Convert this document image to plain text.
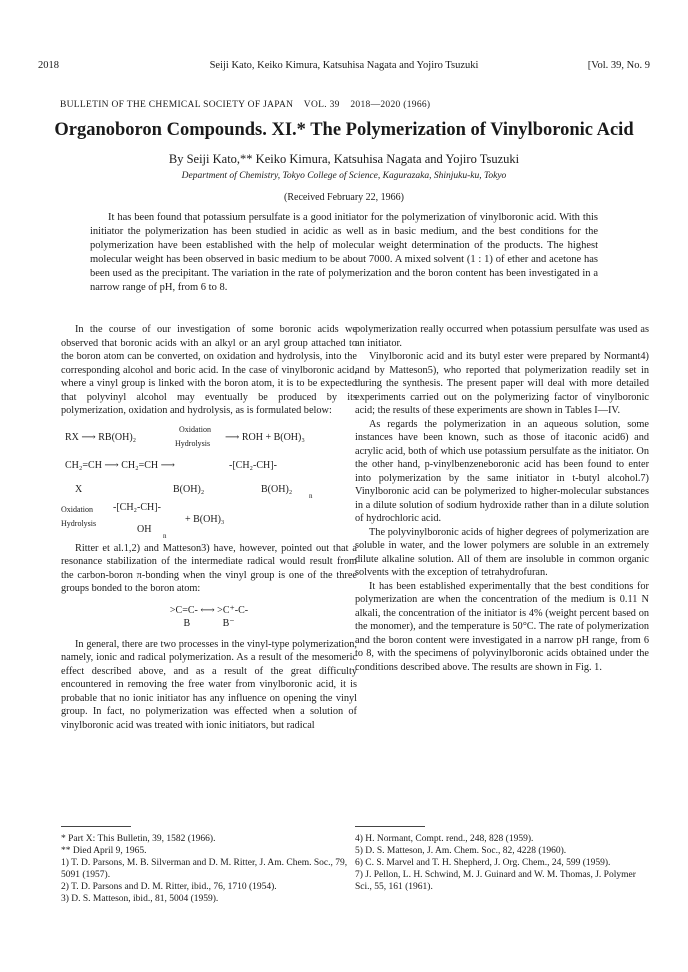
2018	Seiji Kato, Keiko Kimura, Katsuhisa Nagata and Yojiro Tsuzuki	[Vol. 39, No. 9
BULLETIN OF THE CHEMICAL SOCIETY OF JAPAN    VOL. 39    2018—2020 (1966)
Organoboron Compounds. XI.* The Polymerization of Vinylboronic Acid
By Seiji Kato,** Keiko Kimura, Katsuhisa Nagata and Yojiro Tsuzuki
Department of Chemistry, Tokyo College of Science, Kagurazaka, Shinjuku-ku, Tokyo
(Received February 22, 1966)
It has been found that potassium persulfate is a good initiator for the polymerization of vinylboronic acid. With this initiator the polymerization has been studied in acidic as well as in basic medium, and the best conditions for the polymerization have been established with the help of molecular weight determination of the products. The highest molecular weight has been observed in basic medium to be about 7000. A mixed solvent (1 : 1) of ether and acetone has been used as the precipitant. The variation in the rate of polymerization and the boron content has been investigated in a narrow range of pH, from 6 to 8.

In the course of our investigation of some boronic acids we observed that boronic acids with an alkyl or an aryl group attached to the boron atom can be converted, on oxidation and hydrolysis, into the corresponding alcohol and boric acid. In the case of vinylboronic acid, where a vinyl group is linked with the boron atom, it is to be expected that polyvinyl alcohol may eventually be produced by its polymerization, oxidation and hydrolysis, as is formulated below:

RX ⟶ RB(OH)₂
Oxidation
Hydrolysis
⟶ ROH + B(OH)₃
CH₂=CH ⟶ CH₂=CH ⟶	-[CH₂-CH]-
X	B(OH)₂	B(OH)₂
n
Oxidation
Hydrolysis
-[CH₂-CH]-
OH
n
+ B(OH)₃

Ritter et al.1,2) and Matteson3) have, however, pointed out that a resonance stabilization of the intermediate radical would result from the carbon-boron π-bonding when the vinyl group is one of the three groups bonded to the boron atom:

>C=C- ⟷ >C⁺-C-
B             B⁻

In general, there are two processes in the vinyl-type polymerization, namely, ionic and radical polymerization. As a result of the mesomeric effect described above, and as a result of the great difficulty encountered in removing the free water from vinylboronic acid, it is probable that no ionic initiator has any influence on opening the vinyl group. In fact, no polymerization was effected when a solution of vinylboronic acid was treated with ionic initiators, but radical

polymerization really occurred when potassium persulfate was used as an initiator.

Vinylboronic acid and its butyl ester were prepared by Normant4) and by Matteson5), who reported that polymerization readily set in during the synthesis. The present paper will deal with more detailed experiments carried out on the polymerizing factor of vinylboronic acid; the results of these experiments are shown in Tables I—IV.

As regards the polymerization in an aqueous solution, some instances have been known, such as those of itaconic acid6) and acrylic acid, both of which use potassium persulfate as the initiator. On the other hand, p-vinylbenzeneboronic acid has been found to enter into polymerization by the same initiator in t-butyl alcohol.7) Vinylboronic acid can be polymerized to higher-molecular substances in a dilute solution of sodium hydroxide rather than in a dilute solution of hydrochloric acid.

The polyvinylboronic acids of higher degrees of polymerization are soluble in water, and the lower polymers are soluble in an extremely dilute alkaline solution. All of them are insoluble in common organic solvents with the exception of tetrahydrofuran.

It has been established experimentally that the best conditions for polymerization are when the concentration of the medium is 0.11 N alkali, the concentration of the initiator is 4% (weight percent based on the monomer), and the temperature is 50°C. The rate of polymerization and the boron content were investigated in a narrow pH range, from 6 to 8, with the specimens of polyvinylboronic acids obtained under the conditions described above. The results are shown in Fig. 1.

* Part X: This Bulletin, 39, 1582 (1966).

** Died April 9, 1965.

1) T. D. Parsons, M. B. Silverman and D. M. Ritter, J. Am. Chem. Soc., 79, 5091 (1957).

2) T. D. Parsons and D. M. Ritter, ibid., 76, 1710 (1954).

3) D. S. Matteson, ibid., 81, 5004 (1959).

4) H. Normant, Compt. rend., 248, 828 (1959).

5) D. S. Matteson, J. Am. Chem. Soc., 82, 4228 (1960).

6) C. S. Marvel and T. H. Shepherd, J. Org. Chem., 24, 599 (1959).

7) J. Pellon, L. H. Schwind, M. J. Guinard and W. M. Thomas, J. Polymer Sci., 55, 161 (1961).
